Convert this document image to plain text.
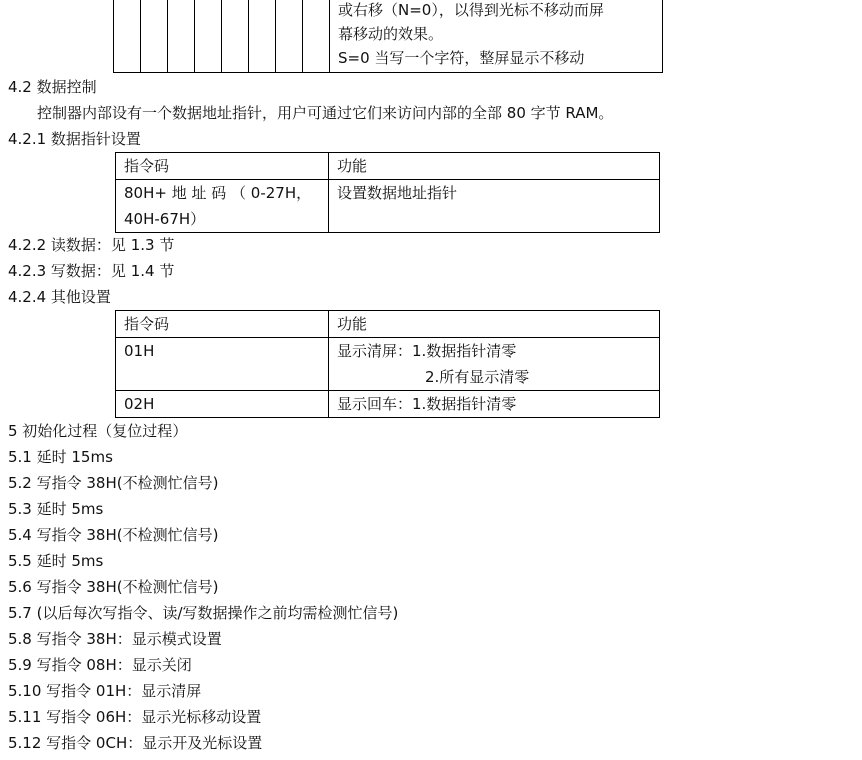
或右移（N=0），以得到光标不移动而屏
幕移动的效果。
S=0 当写一个字符，整屏显示不移动
4.2 数据控制
控制器内部设有一个数据地址指针，用户可通过它们来访问内部的全部 80 字节 RAM。
4.2.1 数据指针设置
指令码	功能

80H+ 地 址 码 （ 0-27H，
40H-67H）	设置数据地址指针
4.2.2 读数据：见 1.3 节
4.2.3 写数据：见 1.4 节
4.2.4 其他设置
指令码	功能

01H	显示清屏：1.数据指针清零
2.所有显示清零

02H	显示回车：1.数据指针清零
5 初始化过程（复位过程）
5.1 延时 15ms
5.2 写指令 38H(不检测忙信号)
5.3 延时 5ms
5.4 写指令 38H(不检测忙信号)
5.5 延时 5ms
5.6 写指令 38H(不检测忙信号)
5.7 (以后每次写指令、读/写数据操作之前均需检测忙信号)
5.8 写指令 38H：显示模式设置
5.9 写指令 08H：显示关闭
5.10 写指令 01H：显示清屏
5.11 写指令 06H：显示光标移动设置
5.12 写指令 0CH：显示开及光标设置
